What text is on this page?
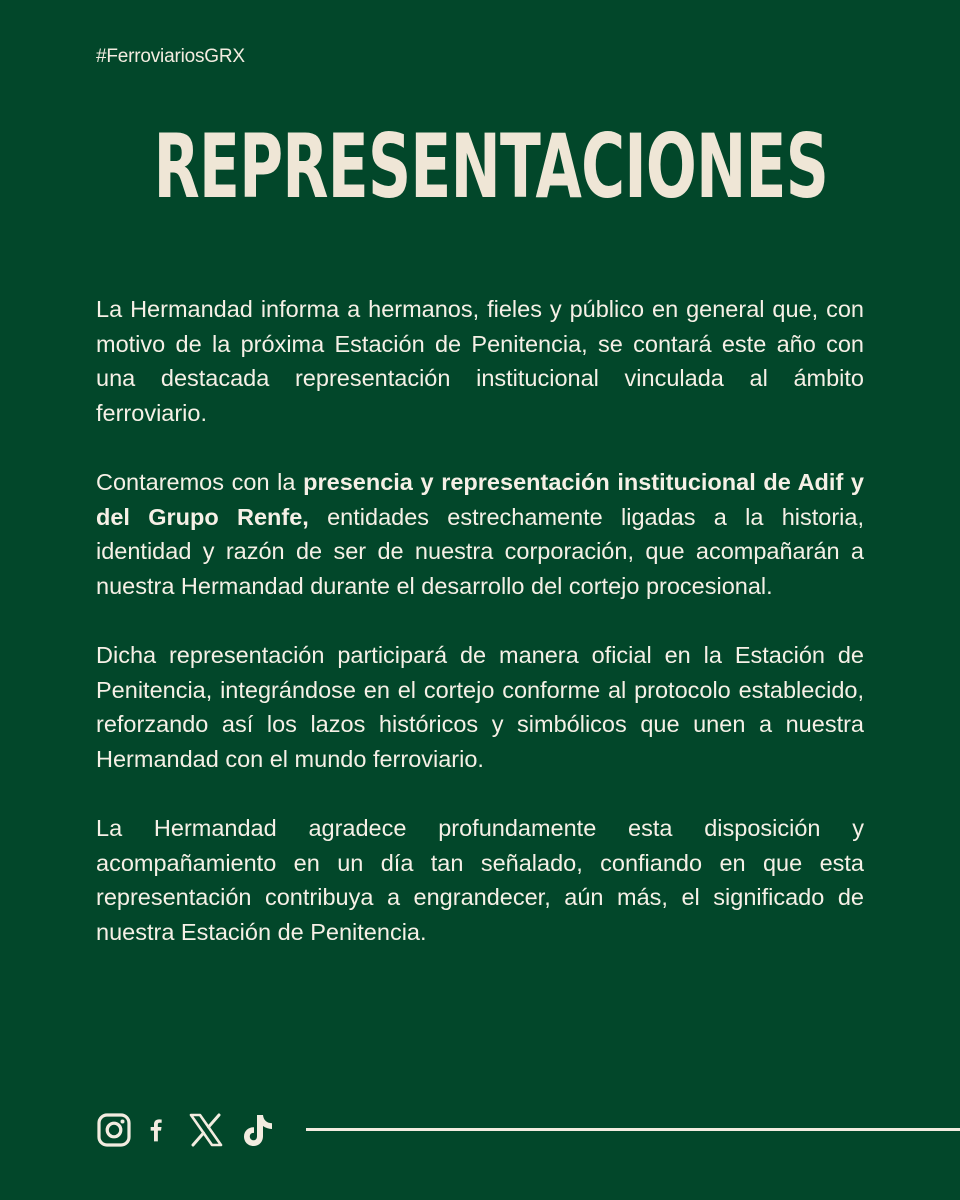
#FerroviariosGRX
REPRESENTACIONES

La Hermandad informa a hermanos, fieles y público en general que, con motivo de la próxima Estación de Penitencia, se contará este año con una destacada representación institucional vinculada al ámbito ferroviario.

Contaremos con la presencia y representación institucional de Adif y del Grupo Renfe, entidades estrechamente ligadas a la historia, identidad y razón de ser de nuestra corporación, que acompañarán a nuestra Hermandad durante el desarrollo del cortejo procesional.

Dicha representación participará de manera oficial en la Estación de Penitencia, integrándose en el cortejo conforme al protocolo establecido, reforzando así los lazos históricos y simbólicos que unen a nuestra Hermandad con el mundo ferroviario.

La Hermandad agradece profundamente esta disposición y acompañamiento en un día tan señalado, confiando en que esta representación contribuya a engrandecer, aún más, el significado de nuestra Estación de Penitencia.
